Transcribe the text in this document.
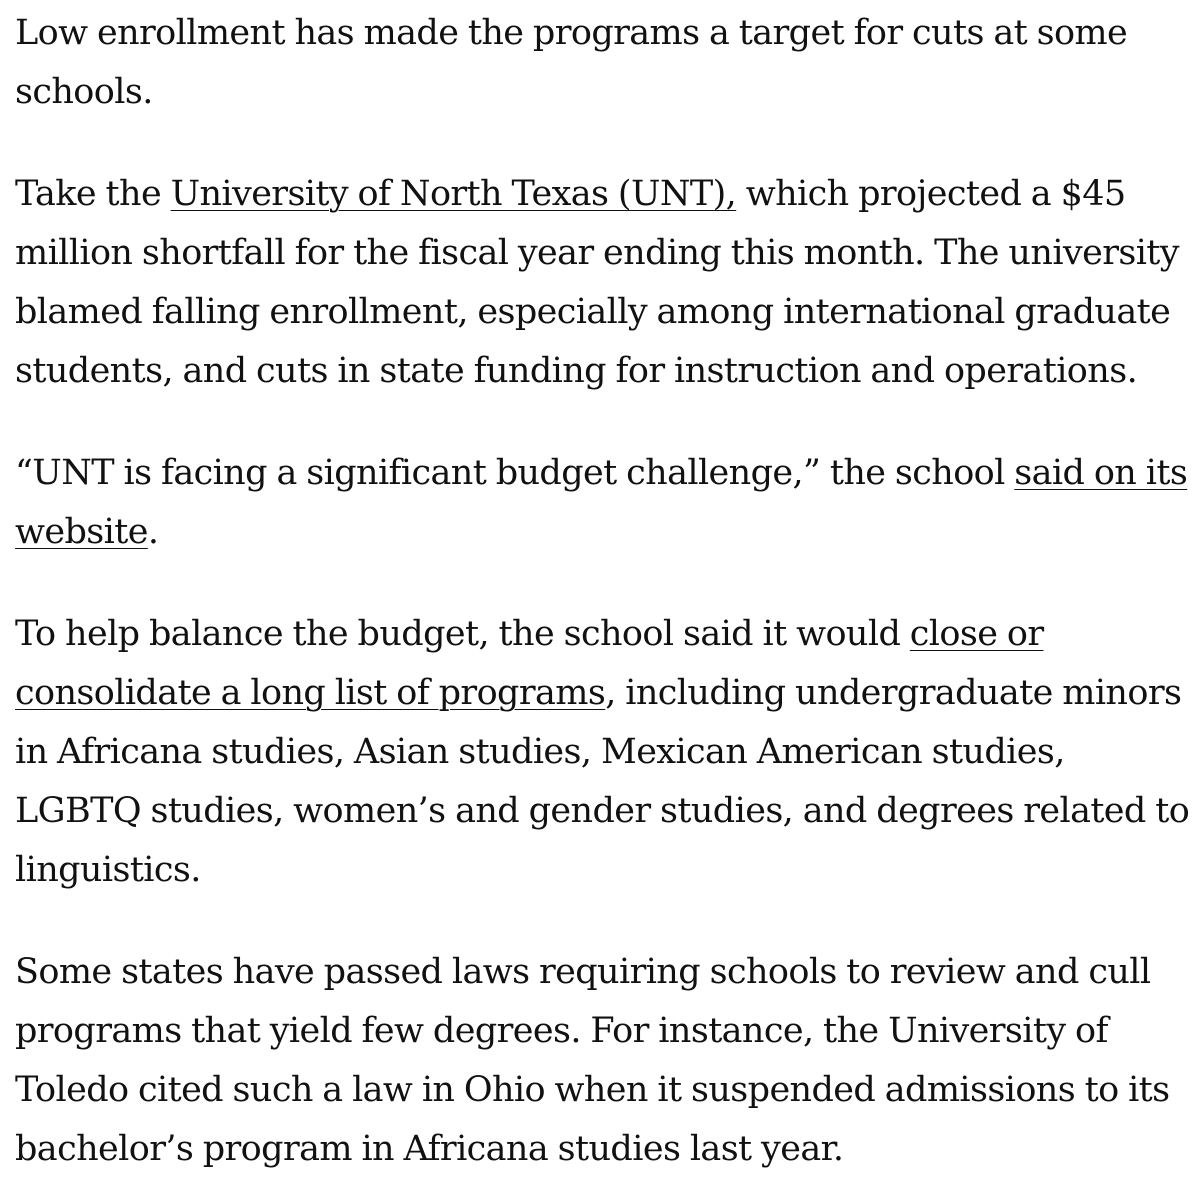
Low enrollment has made the programs a target for cuts at some schools.

Take the University of North Texas (UNT), which projected a $45 million shortfall for the fiscal year ending this month. The university blamed falling enrollment, especially among international graduate students, and cuts in state funding for instruction and operations.

“UNT is facing a significant budget challenge,” the school said on its website.

To help balance the budget, the school said it would close or consolidate a long list of programs, including undergraduate minors in Africana studies, Asian studies, Mexican American studies, LGBTQ studies, women’s and gender studies, and degrees related to linguistics.

Some states have passed laws requiring schools to review and cull programs that yield few degrees. For instance, the University of Toledo cited such a law in Ohio when it suspended admissions to its bachelor’s program in Africana studies last year.
